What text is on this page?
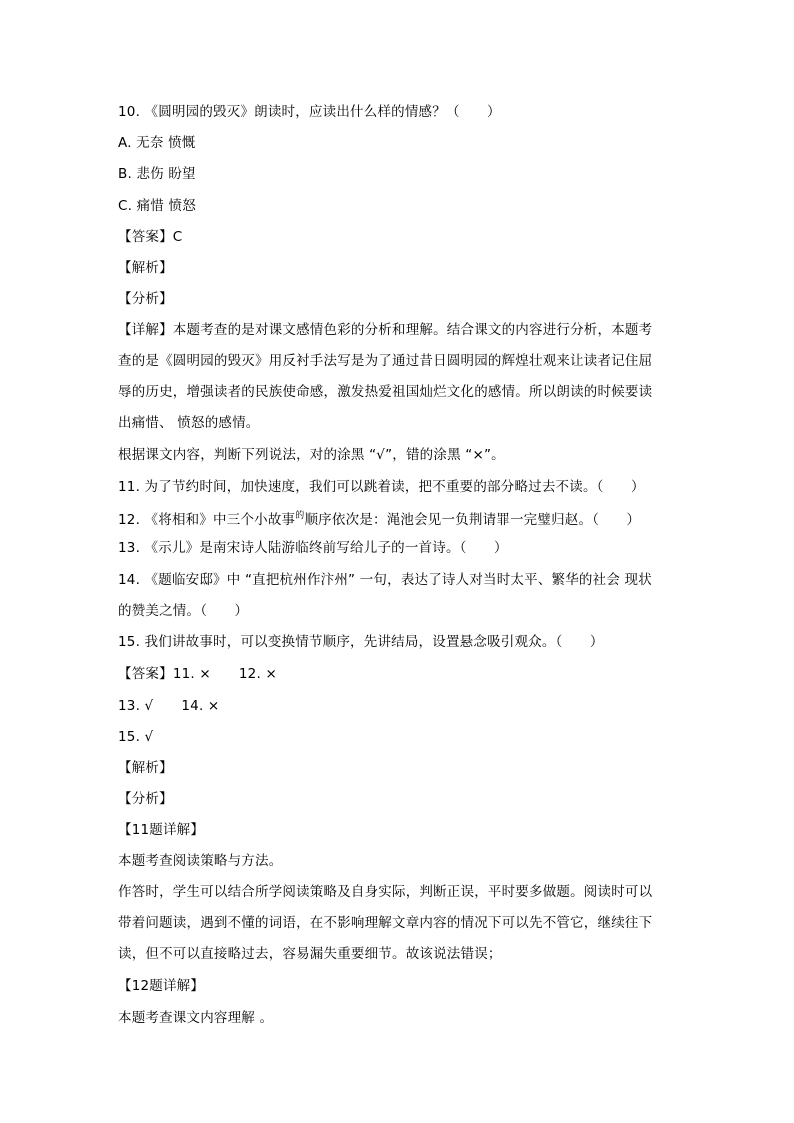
10. 《圆明园的毁灭》朗读时，应读出什么样的情感？（　　）
A. 无奈 愤慨
B. 悲伤 盼望
C. 痛惜 愤怒
【答案】C
【解析】
【分析】
【详解】本题考查的是对课文感情色彩的分析和理解。结合课文的内容进行分析，本题考
查的是《圆明园的毁灭》用反衬手法写是为了通过昔日圆明园的辉煌壮观来让读者记住屈
辱的历史，增强读者的民族使命感，激发热爱祖国灿烂文化的感情。所以朗读的时候要读
出痛惜、 愤怒的感情。
根据课文内容，判断下列说法，对的涂黑 “√”，错的涂黑 “×”。
11. 为了节约时间，加快速度，我们可以跳着读，把不重要的部分略过去不读。（　　）
12. 《将相和》中三个小故事$^的$顺序依次是：渑池会见一负荆请罪一完璧归赵。（　　）
13. 《示儿》是南宋诗人陆游临终前写给儿子的一首诗。（　　）
14. 《题临安邸》中 “直把杭州作汴州” 一句，表达了诗人对当时太平、繁华的社会 现状
的赞美之情。（　　）
15. 我们讲故事时，可以变换情节顺序，先讲结局，设置悬念吸引观众。（　　）
【答案】11. × 12. ×
13. √ 14. ×
15. √
【解析】
【分析】
【11题详解】
本题考查阅读策略与方法。
作答时，学生可以结合所学阅读策略及自身实际，判断正误，平时要多做题。阅读时可以
带着问题读，遇到不懂的词语，在不影响理解文章内容的情况下可以先不管它，继续往下
读，但不可以直接略过去，容易漏失重要细节。故该说法错误；
【12题详解】
本题考查课文内容理解 。
